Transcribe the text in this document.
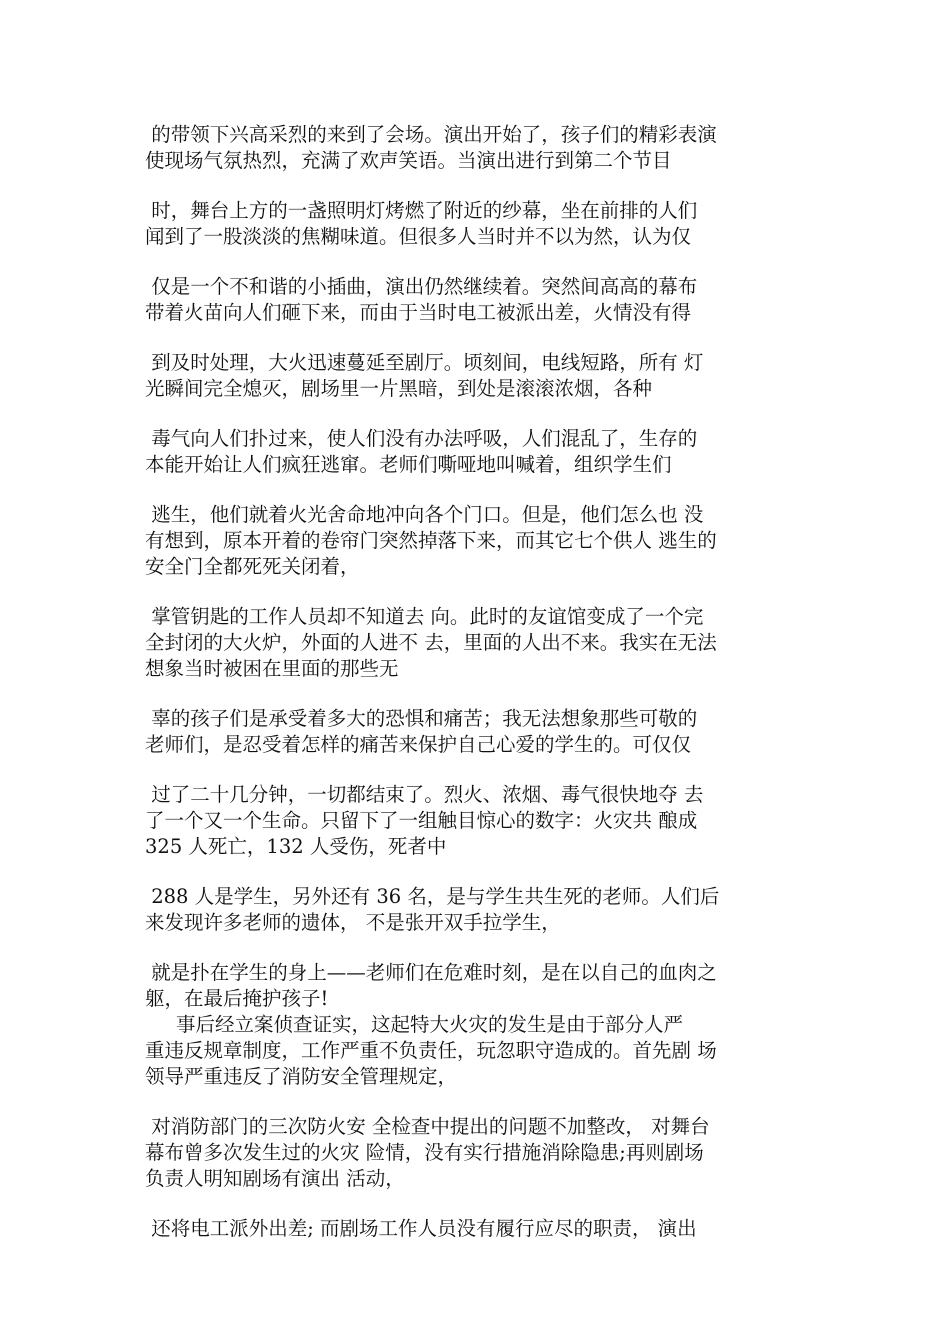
的带领下兴高采烈的来到了会场。演出开始了，孩子们的精彩表演
使现场气氛热烈，充满了欢声笑语。当演出进行到第二个节目
时，舞台上方的一盏照明灯烤燃了附近的纱幕，坐在前排的人们
闻到了一股淡淡的焦糊味道。但很多人当时并不以为然，认为仅
仅是一个不和谐的小插曲，演出仍然继续着。突然间高高的幕布
带着火苗向人们砸下来，而由于当时电工被派出差，火情没有得
到及时处理，大火迅速蔓延至剧厅。顷刻间，电线短路，所有 灯
光瞬间完全熄灭，剧场里一片黑暗，到处是滚滚浓烟，各种
毒气向人们扑过来，使人们没有办法呼吸，人们混乱了，生存的
本能开始让人们疯狂逃窜。老师们嘶哑地叫喊着，组织学生们
逃生，他们就着火光舍命地冲向各个门口。但是，他们怎么也 没
有想到，原本开着的卷帘门突然掉落下来，而其它七个供人 逃生的
安全门全都死死关闭着，
掌管钥匙的工作人员却不知道去 向。此时的友谊馆变成了一个完
全封闭的大火炉，外面的人进不 去，里面的人出不来。我实在无法
想象当时被困在里面的那些无
辜的孩子们是承受着多大的恐惧和痛苦；我无法想象那些可敬的
老师们，是忍受着怎样的痛苦来保护自己心爱的学生的。可仅仅
过了二十几分钟，一切都结束了。烈火、浓烟、毒气很快地夺 去
了一个又一个生命。只留下了一组触目惊心的数字：火灾共 酿成
325 人死亡，132 人受伤，死者中
288 人是学生，另外还有 36 名，是与学生共生死的老师。人们后
来发现许多老师的遗体， 不是张开双手拉学生，
就是扑在学生的身上——老师们在危难时刻，是在以自己的血肉之
躯，在最后掩护孩子!
事后经立案侦查证实，这起特大火灾的发生是由于部分人严
重违反规章制度，工作严重不负责任，玩忽职守造成的。首先剧 场
领导严重违反了消防安全管理规定，
对消防部门的三次防火安 全检查中提出的问题不加整改， 对舞台
幕布曾多次发生过的火灾 险情，没有实行措施消除隐患;再则剧场
负责人明知剧场有演出 活动，
还将电工派外出差; 而剧场工作人员没有履行应尽的职责， 演出
